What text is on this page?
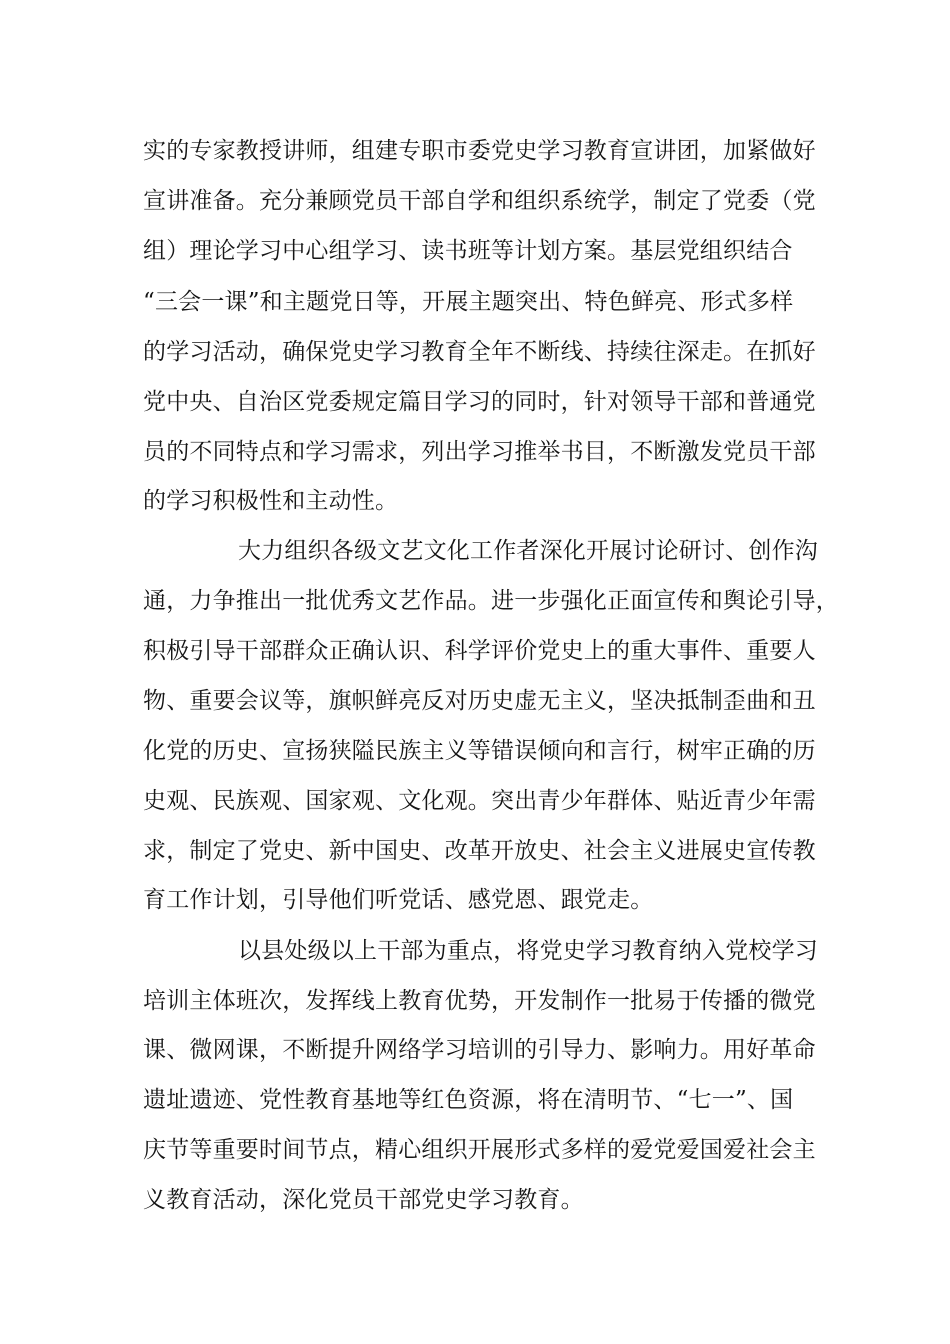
实的专家教授讲师，组建专职市委党史学习教育宣讲团，加紧做好
宣讲准备。充分兼顾党员干部自学和组织系统学，制定了党委（党
组）理论学习中心组学习、读书班等计划方案。基层党组织结合
“三会一课”和主题党日等，开展主题突出、特色鲜亮、形式多样
的学习活动，确保党史学习教育全年不断线、持续往深走。在抓好
党中央、自治区党委规定篇目学习的同时，针对领导干部和普通党
员的不同特点和学习需求，列出学习推举书目，不断激发党员干部
的学习积极性和主动性。
大力组织各级文艺文化工作者深化开展讨论研讨、创作沟
通，力争推出一批优秀文艺作品。进一步强化正面宣传和舆论引导，
积极引导干部群众正确认识、科学评价党史上的重大事件、重要人
物、重要会议等，旗帜鲜亮反对历史虚无主义，坚决抵制歪曲和丑
化党的历史、宣扬狭隘民族主义等错误倾向和言行，树牢正确的历
史观、民族观、国家观、文化观。突出青少年群体、贴近青少年需
求，制定了党史、新中国史、改革开放史、社会主义进展史宣传教
育工作计划，引导他们听党话、感党恩、跟党走。
以县处级以上干部为重点，将党史学习教育纳入党校学习
培训主体班次，发挥线上教育优势，开发制作一批易于传播的微党
课、微网课，不断提升网络学习培训的引导力、影响力。用好革命
遗址遗迹、党性教育基地等红色资源，将在清明节、“七一”、国
庆节等重要时间节点，精心组织开展形式多样的爱党爱国爱社会主
义教育活动，深化党员干部党史学习教育。
